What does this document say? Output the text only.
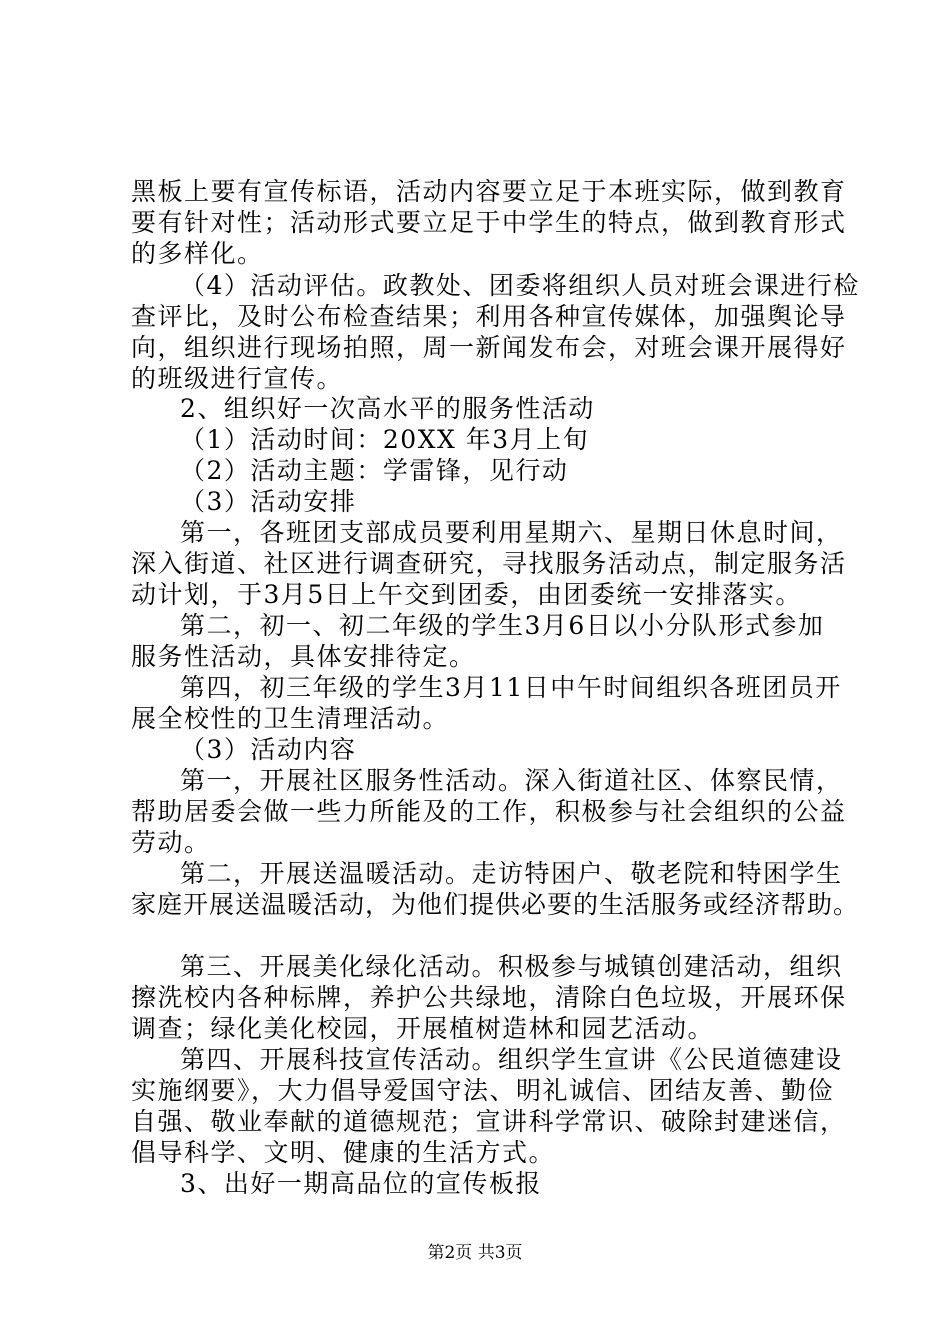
黑板上要有宣传标语，活动内容要立足于本班实际，做到教育
要有针对性；活动形式要立足于中学生的特点，做到教育形式
的多样化。
（4）活动评估。政教处、团委将组织人员对班会课进行检
查评比，及时公布检查结果；利用各种宣传媒体，加强舆论导
向，组织进行现场拍照，周一新闻发布会，对班会课开展得好
的班级进行宣传。
2、组织好一次高水平的服务性活动
（1）活动时间：20XX 年3月上旬
（2）活动主题：学雷锋，见行动
（3）活动安排
第一，各班团支部成员要利用星期六、星期日休息时间，
深入街道、社区进行调查研究，寻找服务活动点，制定服务活
动计划，于3月5日上午交到团委，由团委统一安排落实。
第二，初一、初二年级的学生3月6日以小分队形式参加
服务性活动，具体安排待定。
第四，初三年级的学生3月11日中午时间组织各班团员开
展全校性的卫生清理活动。
（3）活动内容
第一，开展社区服务性活动。深入街道社区、体察民情，
帮助居委会做一些力所能及的工作，积极参与社会组织的公益
劳动。
第二，开展送温暖活动。走访特困户、敬老院和特困学生
家庭开展送温暖活动，为他们提供必要的生活服务或经济帮助。
第三、开展美化绿化活动。积极参与城镇创建活动，组织
擦洗校内各种标牌，养护公共绿地，清除白色垃圾，开展环保
调查；绿化美化校园，开展植树造林和园艺活动。
第四、开展科技宣传活动。组织学生宣讲《公民道德建设
实施纲要》，大力倡导爱国守法、明礼诚信、团结友善、勤俭
自强、敬业奉献的道德规范；宣讲科学常识、破除封建迷信，
倡导科学、文明、健康的生活方式。
3、出好一期高品位的宣传板报
第2页 共3页
